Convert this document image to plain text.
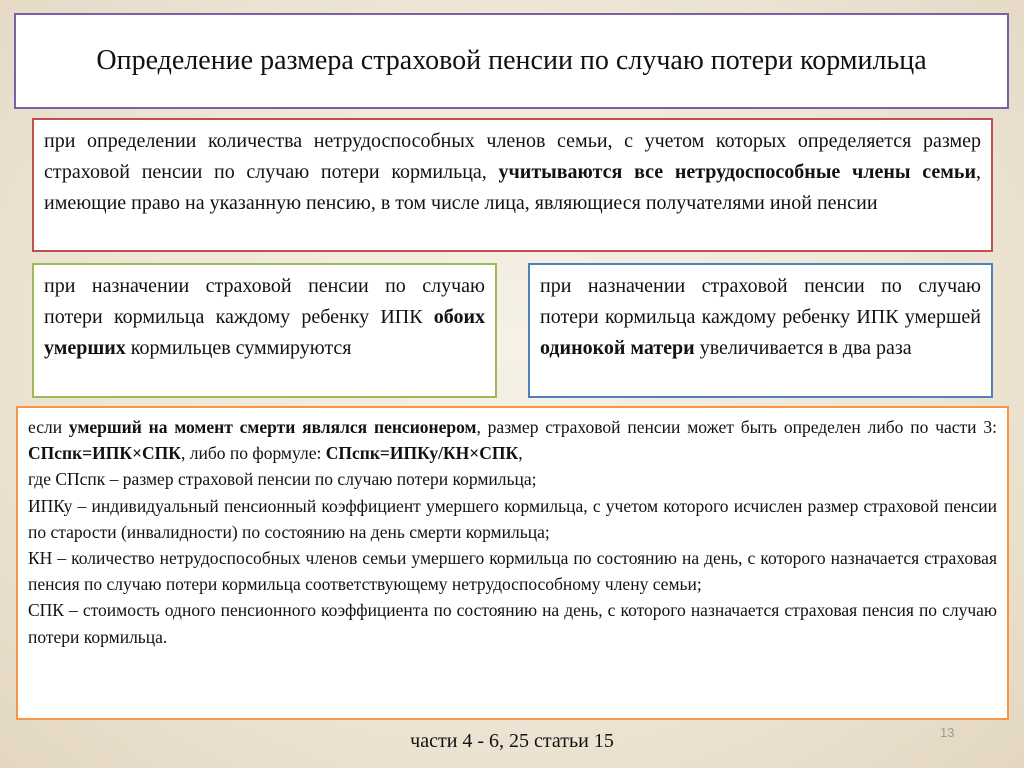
Определение размера страховой пенсии по случаю потери кормильца
при определении количества нетрудоспособных членов семьи, с учетом которых определяется размер страховой пенсии по случаю потери кормильца, учитываются все нетрудоспособные члены семьи, имеющие право на указанную пенсию, в том числе лица, являющиеся получателями иной пенсии
при назначении страховой пенсии по случаю потери кормильца каждому ребенку ИПК обоих умерших кормильцев суммируются
при назначении страховой пенсии по случаю потери кормильца каждому ребенку ИПК умершей одинокой матери увеличивается в два раза

если умерший на момент смерти являлся пенсионером, размер страховой пенсии может быть определен либо по части 3: СПспк=ИПК×СПК, либо по формуле: СПспк=ИПКу/КН×СПК,

где СПспк – размер страховой пенсии по случаю потери кормильца;

ИПКу – индивидуальный пенсионный коэффициент умершего кормильца, с учетом которого исчислен размер страховой пенсии по старости (инвалидности) по состоянию на день смерти кормильца;

КН – количество нетрудоспособных членов семьи умершего кормильца по состоянию на день, с которого назначается страховая пенсия по случаю потери кормильца соответствующему нетрудоспособному члену семьи;

СПК – стоимость одного пенсионного коэффициента по состоянию на день, с которого назначается страховая пенсия по случаю потери кормильца.

части 4 - 6, 25 статьи 15	13
